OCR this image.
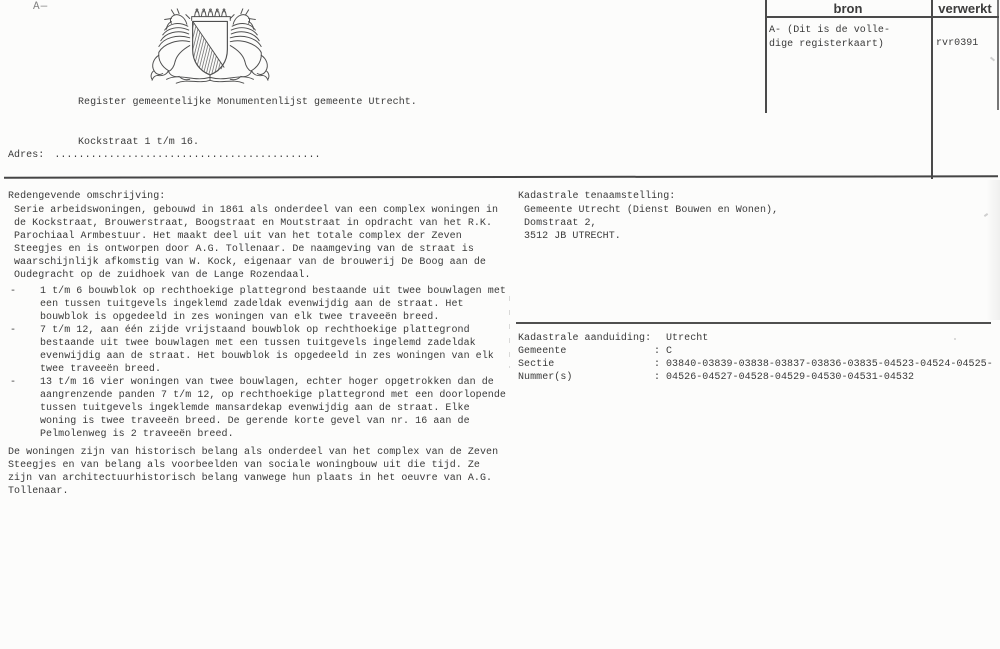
A—
Register gemeentelijke Monumentenlijst gemeente Utrecht.
Kockstraat 1 t/m 16.
Adres: ............................................
bron	verwerkt
A- (Dit is de volle-
dige registerkaart)	rvr0391
Redengevende omschrijving:
Serie arbeidswoningen, gebouwd in 1861 als onderdeel van een complex woningen in
de Kockstraat, Brouwerstraat, Boogstraat en Moutstraat in opdracht van het R.K.
Parochiaal Armbestuur. Het maakt deel uit van het totale complex der Zeven
Steegjes en is ontworpen door A.G. Tollenaar. De naamgeving van de straat is
waarschijnlijk afkomstig van W. Kock, eigenaar van de brouwerij De Boog aan de
Oudegracht op de zuidhoek van de Lange Rozendaal.
-	1 t/m 6 bouwblok op rechthoekige plattegrond bestaande uit twee bouwlagen met
een tussen tuitgevels ingeklemd zadeldak evenwijdig aan de straat. Het
bouwblok is opgedeeld in zes woningen van elk twee traveeën breed.
-	7 t/m 12, aan één zijde vrijstaand bouwblok op rechthoekige plattegrond
bestaande uit twee bouwlagen met een tussen tuitgevels ingelemd zadeldak
evenwijdig aan de straat. Het bouwblok is opgedeeld in zes woningen van elk
twee traveeën breed.
-	13 t/m 16 vier woningen van twee bouwlagen, echter hoger opgetrokken dan de
aangrenzende panden 7 t/m 12, op rechthoekige plattegrond met een doorlopende
tussen tuitgevels ingeklemde mansardekap evenwijdig aan de straat. Elke
woning is twee traveeën breed. De gerende korte gevel van nr. 16 aan de
Pelmolenweg is 2 traveeën breed.
De woningen zijn van historisch belang als onderdeel van het complex van de Zeven
Steegjes en van belang als voorbeelden van sociale woningbouw uit die tijd. Ze
zijn van architectuurhistorisch belang vanwege hun plaats in het oeuvre van A.G.
Tollenaar.
Kadastrale tenaamstelling:
Gemeente Utrecht (Dienst Bouwen en Wonen),
Domstraat 2,
3512 JB UTRECHT.
Kadastrale aanduiding: Utrecht
Gemeente	: C
Sectie	: 03840-03839-03838-03837-03836-03835-04523-04524-04525-
Nummer(s)	: 04526-04527-04528-04529-04530-04531-04532
